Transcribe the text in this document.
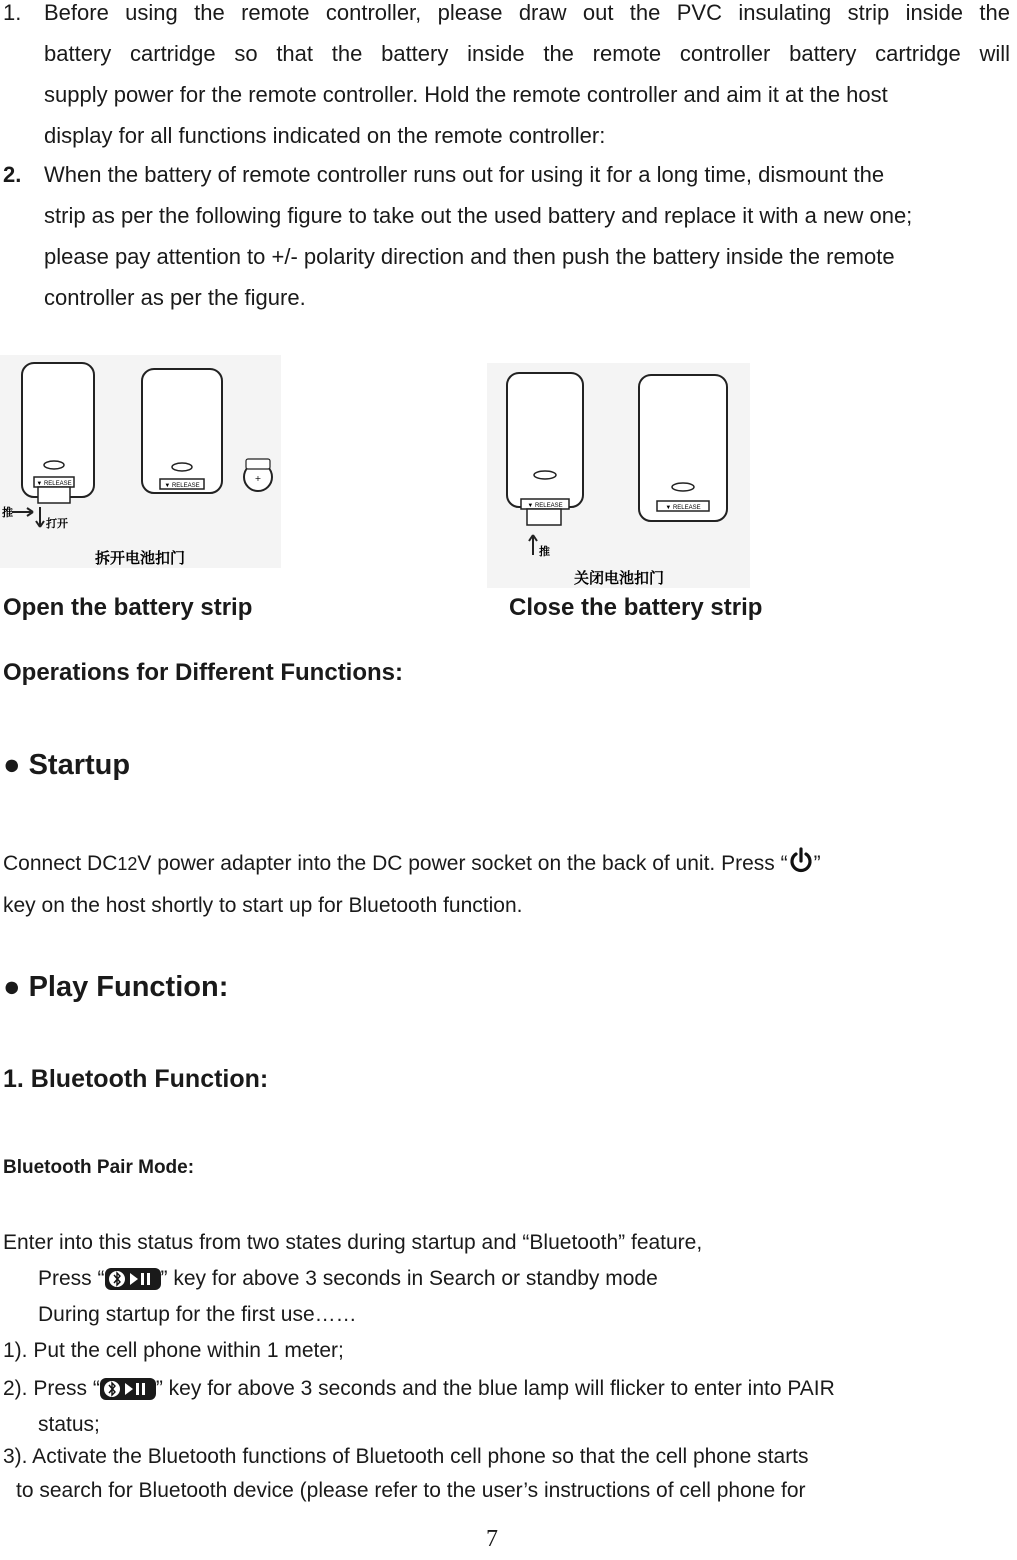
1. Before using the remote controller, please draw out the PVC insulating strip inside the
battery cartridge so that the battery inside the remote controller battery cartridge will
supply power for the remote controller. Hold the remote controller and aim it at the host
display for all functions indicated on the remote controller:
2. When the battery of remote controller runs out for using it for a long time, dismount the
strip as per the following figure to take out the used battery and replace it with a new one;
please pay attention to +/- polarity direction and then push the battery inside the remote
controller as per the figure.
▼ RELEASE
推
打开
▼ RELEASE
+
拆开电池扣门
▼ RELEASE
推
▼ RELEASE
关闭电池扣门
Open the battery strip	Close the battery strip
Operations for Different Functions:
● Startup
Connect DC12V power adapter into the DC power socket on the back of unit. Press “ ”
key on the host shortly to start up for Bluetooth function.
● Play Function:
1. Bluetooth Function:
Bluetooth Pair Mode:
Enter into this status from two states during startup and “Bluetooth” feature,
Press “	” key for above 3 seconds in Search or standby mode
During startup for the first use……
1). Put the cell phone within 1 meter;
2). Press “	” key for above 3 seconds and the blue lamp will flicker to enter into PAIR
status;
3). Activate the Bluetooth functions of Bluetooth cell phone so that the cell phone starts
to search for Bluetooth device (please refer to the user’s instructions of cell phone for
7
